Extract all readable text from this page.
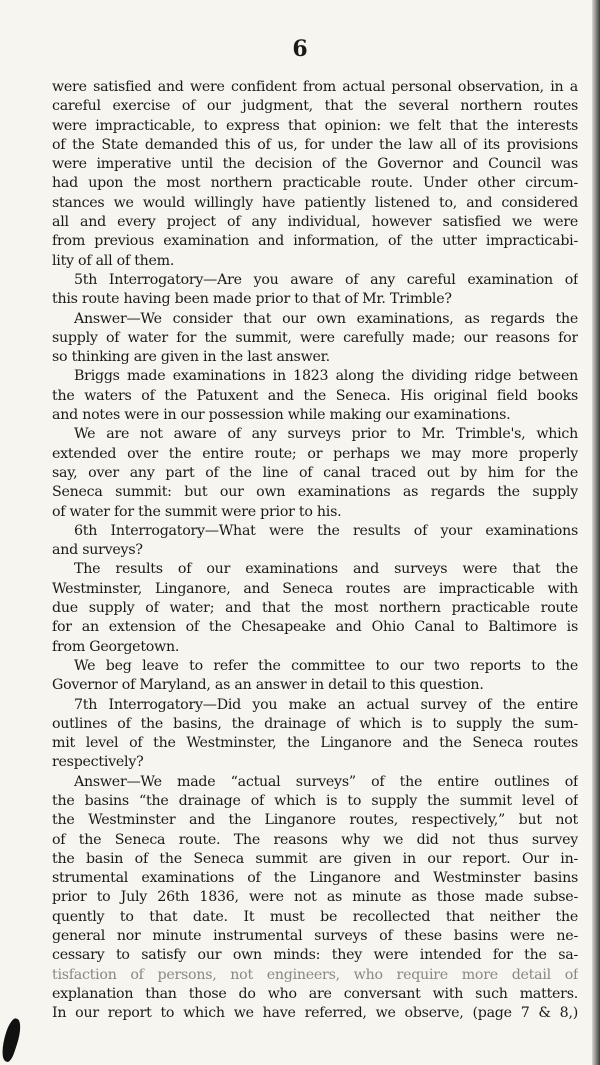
6
were satisfied and were confident from actual personal observation, in a
careful exercise of our judgment, that the several northern routes
were impracticable, to express that opinion: we felt that the interests
of the State demanded this of us, for under the law all of its provisions
were imperative until the decision of the Governor and Council was
had upon the most northern practicable route. Under other circum-
stances we would willingly have patiently listened to, and considered
all and every project of any individual, however satisfied we were
from previous examination and information, of the utter impracticabi-
lity of all of them.
5th Interrogatory—Are you aware of any careful examination of
this route having been made prior to that of Mr. Trimble?
Answer—We consider that our own examinations, as regards the
supply of water for the summit, were carefully made; our reasons for
so thinking are given in the last answer.
Briggs made examinations in 1823 along the dividing ridge between
the waters of the Patuxent and the Seneca. His original field books
and notes were in our possession while making our examinations.
We are not aware of any surveys prior to Mr. Trimble's, which
extended over the entire route; or perhaps we may more properly
say, over any part of the line of canal traced out by him for the
Seneca summit: but our own examinations as regards the supply
of water for the summit were prior to his.
6th Interrogatory—What were the results of your examinations
and surveys?
The results of our examinations and surveys were that the
Westminster, Linganore, and Seneca routes are impracticable with
due supply of water; and that the most northern practicable route
for an extension of the Chesapeake and Ohio Canal to Baltimore is
from Georgetown.
We beg leave to refer the committee to our two reports to the
Governor of Maryland, as an answer in detail to this question.
7th Interrogatory—Did you make an actual survey of the entire
outlines of the basins, the drainage of which is to supply the sum-
mit level of the Westminster, the Linganore and the Seneca routes
respectively?
Answer—We made “actual surveys” of the entire outlines of
the basins “the drainage of which is to supply the summit level of
the Westminster and the Linganore routes, respectively,” but not
of the Seneca route. The reasons why we did not thus survey
the basin of the Seneca summit are given in our report. Our in-
strumental examinations of the Linganore and Westminster basins
prior to July 26th 1836, were not as minute as those made subse-
quently to that date. It must be recollected that neither the
general nor minute instrumental surveys of these basins were ne-
cessary to satisfy our own minds: they were intended for the sa-
tisfaction of persons, not engineers, who require more detail of
explanation than those do who are conversant with such matters.
In our report to which we have referred, we observe, (page 7 & 8,)
